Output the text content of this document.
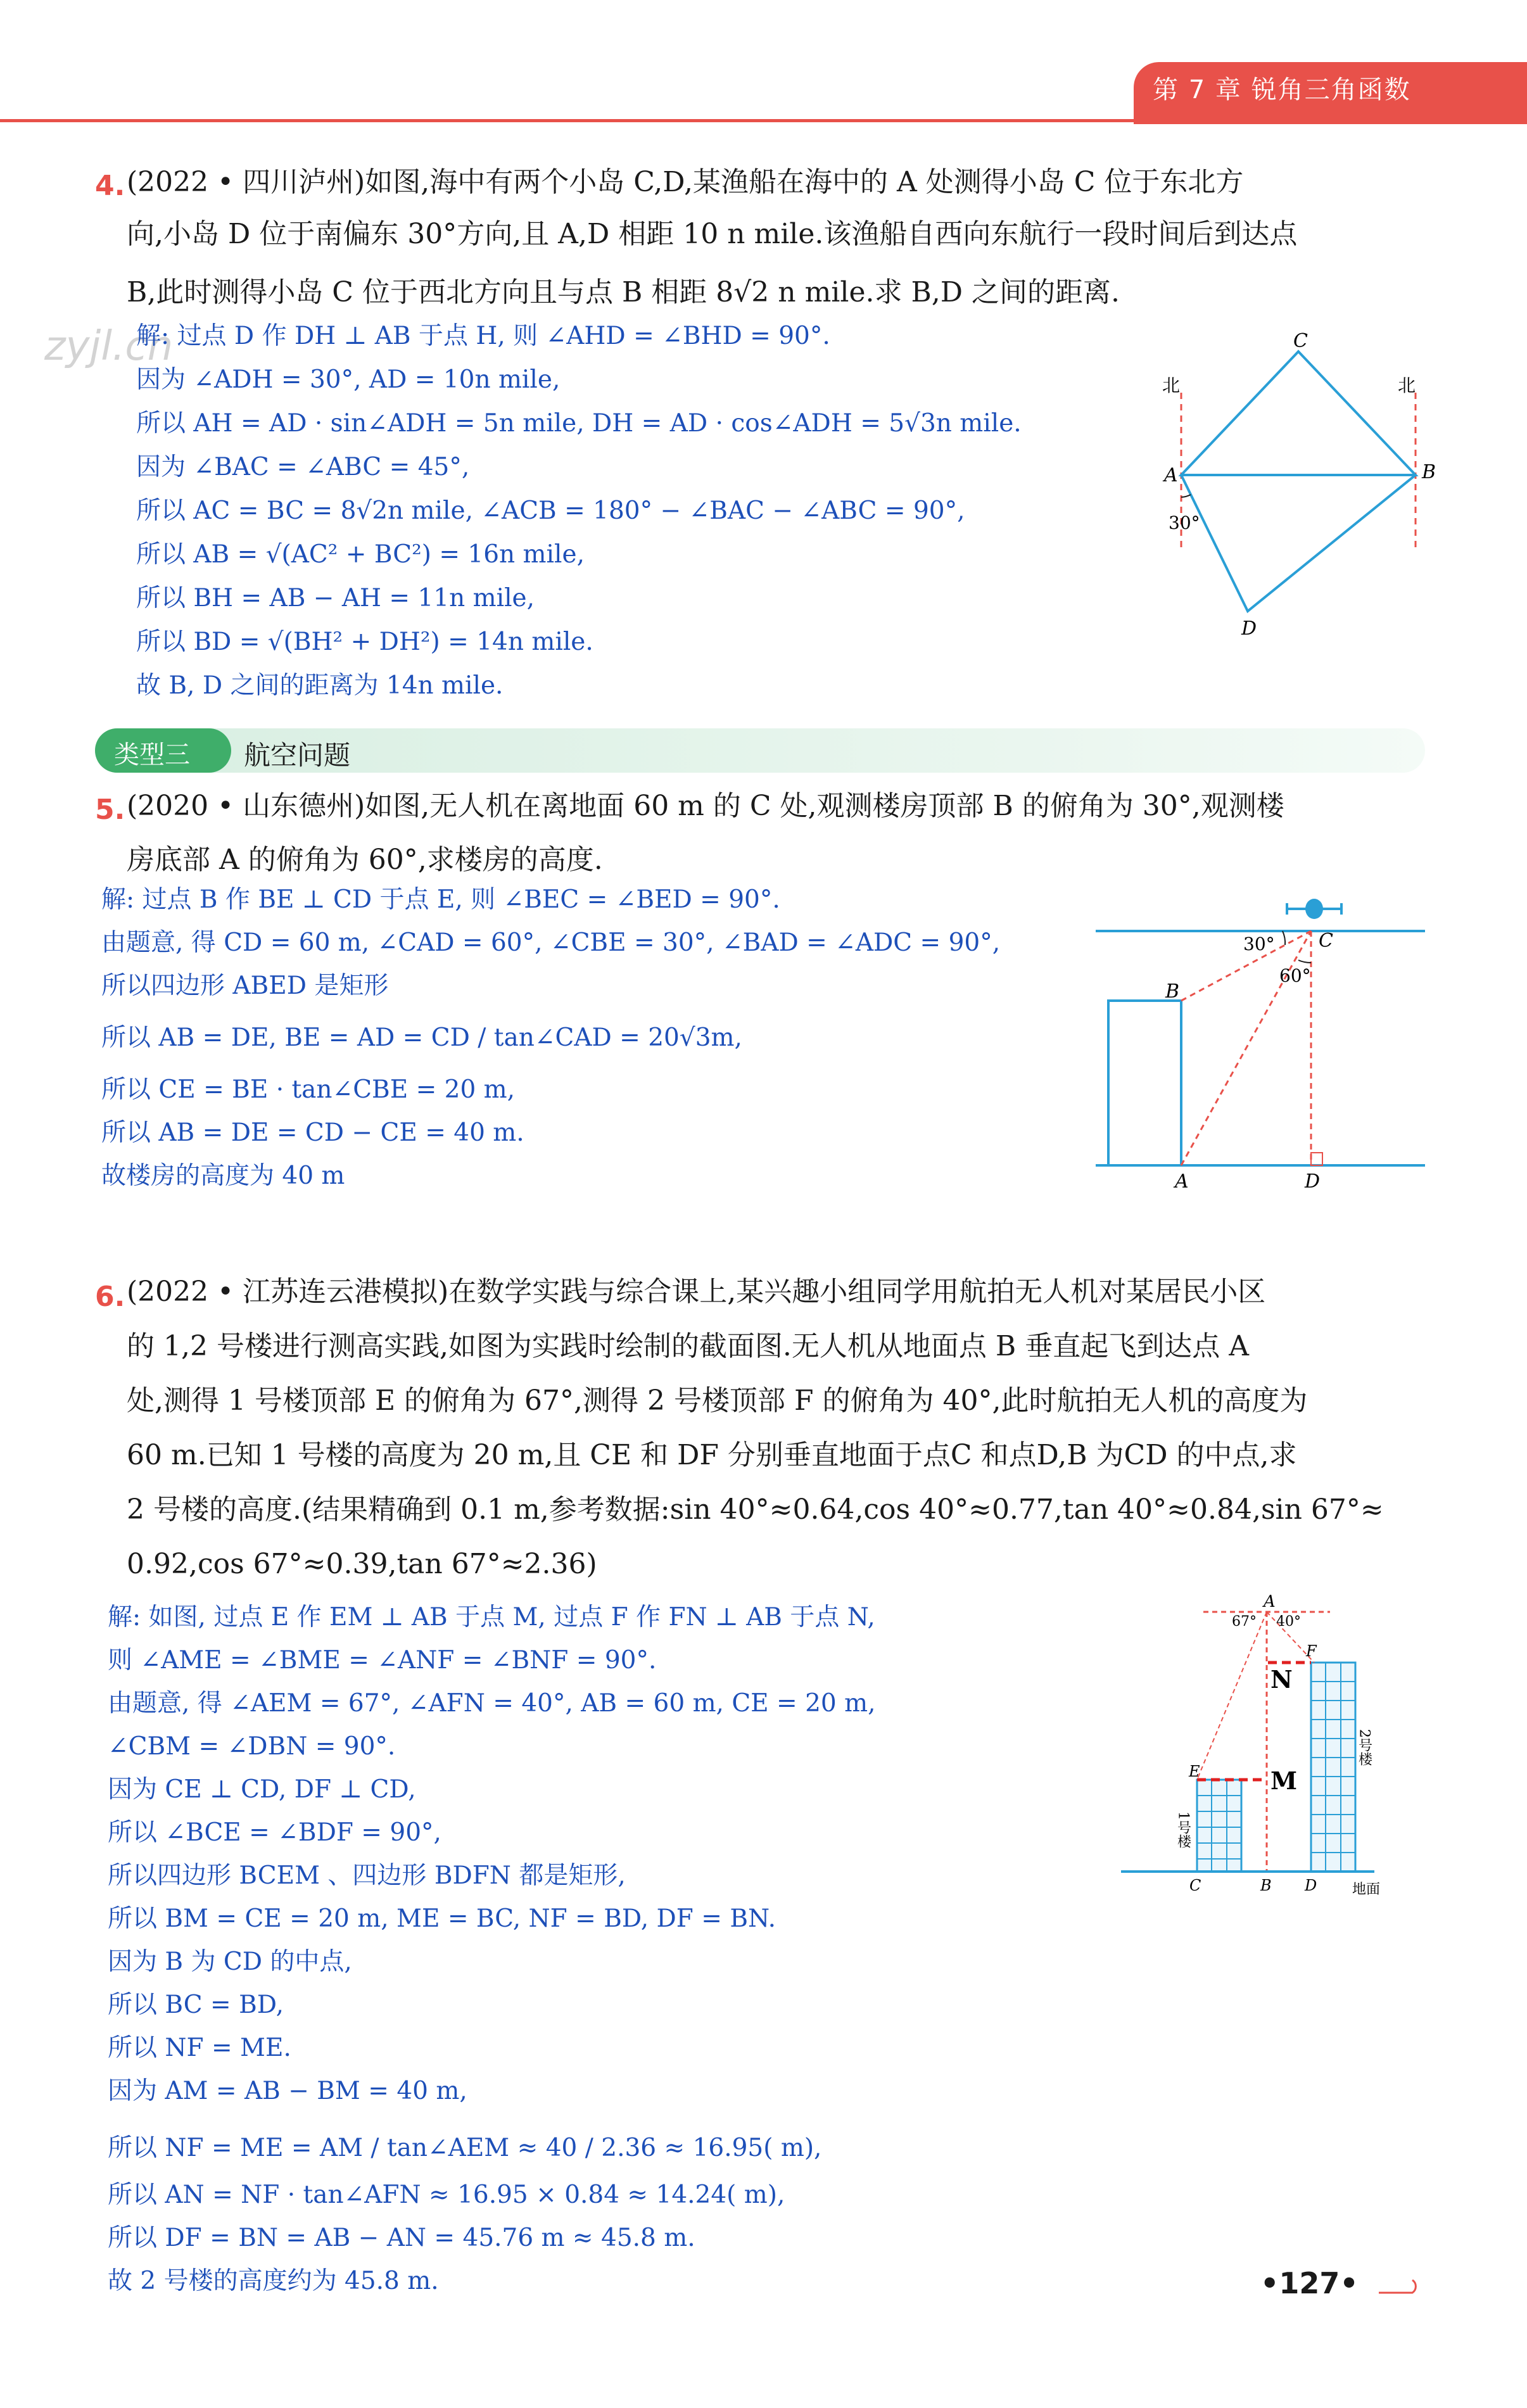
第 7 章 锐角三角函数
zyjl.cn
4. (2022 • 四川泸州)如图,海中有两个小岛 C,D,某渔船在海中的 A 处测得小岛 C 位于东北方
向,小岛 D 位于南偏东 30°方向,且 A,D 相距 10 n mile.该渔船自西向东航行一段时间后到达点
B,此时测得小岛 C 位于西北方向且与点 B 相距 8√2 n mile.求 B,D 之间的距离.
解: 过点 D 作 DH ⊥ AB 于点 H, 则 ∠AHD = ∠BHD = 90°.
因为 ∠ADH = 30°, AD = 10n mile,
所以 AH = AD · sin∠ADH = 5n mile, DH = AD · cos∠ADH = 5√3n mile.
因为 ∠BAC = ∠ABC = 45°,
所以 AC = BC = 8√2n mile, ∠ACB = 180° − ∠BAC − ∠ABC = 90°,
所以 AB = √(AC² + BC²) = 16n mile,
所以 BH = AB − AH = 11n mile,
所以 BD = √(BH² + DH²) = 14n mile.
故 B, D 之间的距离为 14n mile.
北	北
C
A	B
D
30°
类型三 航空问题
5. (2020 • 山东德州)如图,无人机在离地面 60 m 的 C 处,观测楼房顶部 B 的俯角为 30°,观测楼
房底部 A 的俯角为 60°,求楼房的高度.
解: 过点 B 作 BE ⊥ CD 于点 E, 则 ∠BEC = ∠BED = 90°.
由题意, 得 CD = 60 m, ∠CAD = 60°, ∠CBE = 30°, ∠BAD = ∠ADC = 90°,
所以四边形 ABED 是矩形
所以 AB = DE, BE = AD = CD / tan∠CAD = 20√3m,
所以 CE = BE · tan∠CBE = 20 m,
所以 AB = DE = CD − CE = 40 m.
故楼房的高度为 40 m
30°
60°
C
B
A	D
6. (2022 • 江苏连云港模拟)在数学实践与综合课上,某兴趣小组同学用航拍无人机对某居民小区
的 1,2 号楼进行测高实践,如图为实践时绘制的截面图.无人机从地面点 B 垂直起飞到达点 A
处,测得 1 号楼顶部 E 的俯角为 67°,测得 2 号楼顶部 F 的俯角为 40°,此时航拍无人机的高度为
60 m.已知 1 号楼的高度为 20 m,且 CE 和 DF 分别垂直地面于点C 和点D,B 为CD 的中点,求
2 号楼的高度.(结果精确到 0.1 m,参考数据:sin 40°≈0.64,cos 40°≈0.77,tan 40°≈0.84,sin 67°≈
0.92,cos 67°≈0.39,tan 67°≈2.36)
解: 如图, 过点 E 作 EM ⊥ AB 于点 M, 过点 F 作 FN ⊥ AB 于点 N,
则 ∠AME = ∠BME = ∠ANF = ∠BNF = 90°.
由题意, 得 ∠AEM = 67°, ∠AFN = 40°, AB = 60 m, CE = 20 m,
∠CBM = ∠DBN = 90°.
因为 CE ⊥ CD, DF ⊥ CD,
所以 ∠BCE = ∠BDF = 90°,
所以四边形 BCEM 、四边形 BDFN 都是矩形,
所以 BM = CE = 20 m, ME = BC, NF = BD, DF = BN.
因为 B 为 CD 的中点,
所以 BC = BD,
所以 NF = ME.
因为 AM = AB − BM = 40 m,
所以 NF = ME = AM / tan∠AEM ≈ 40 / 2.36 ≈ 16.95( m),
所以 AN = NF · tan∠AFN ≈ 16.95 × 0.84 ≈ 14.24( m),
所以 DF = BN = AB − AN = 45.76 m ≈ 45.8 m.
故 2 号楼的高度约为 45.8 m.
A
67° 40°
F
E
N
M
1号楼
2号楼
C	B D	地面
•127•
